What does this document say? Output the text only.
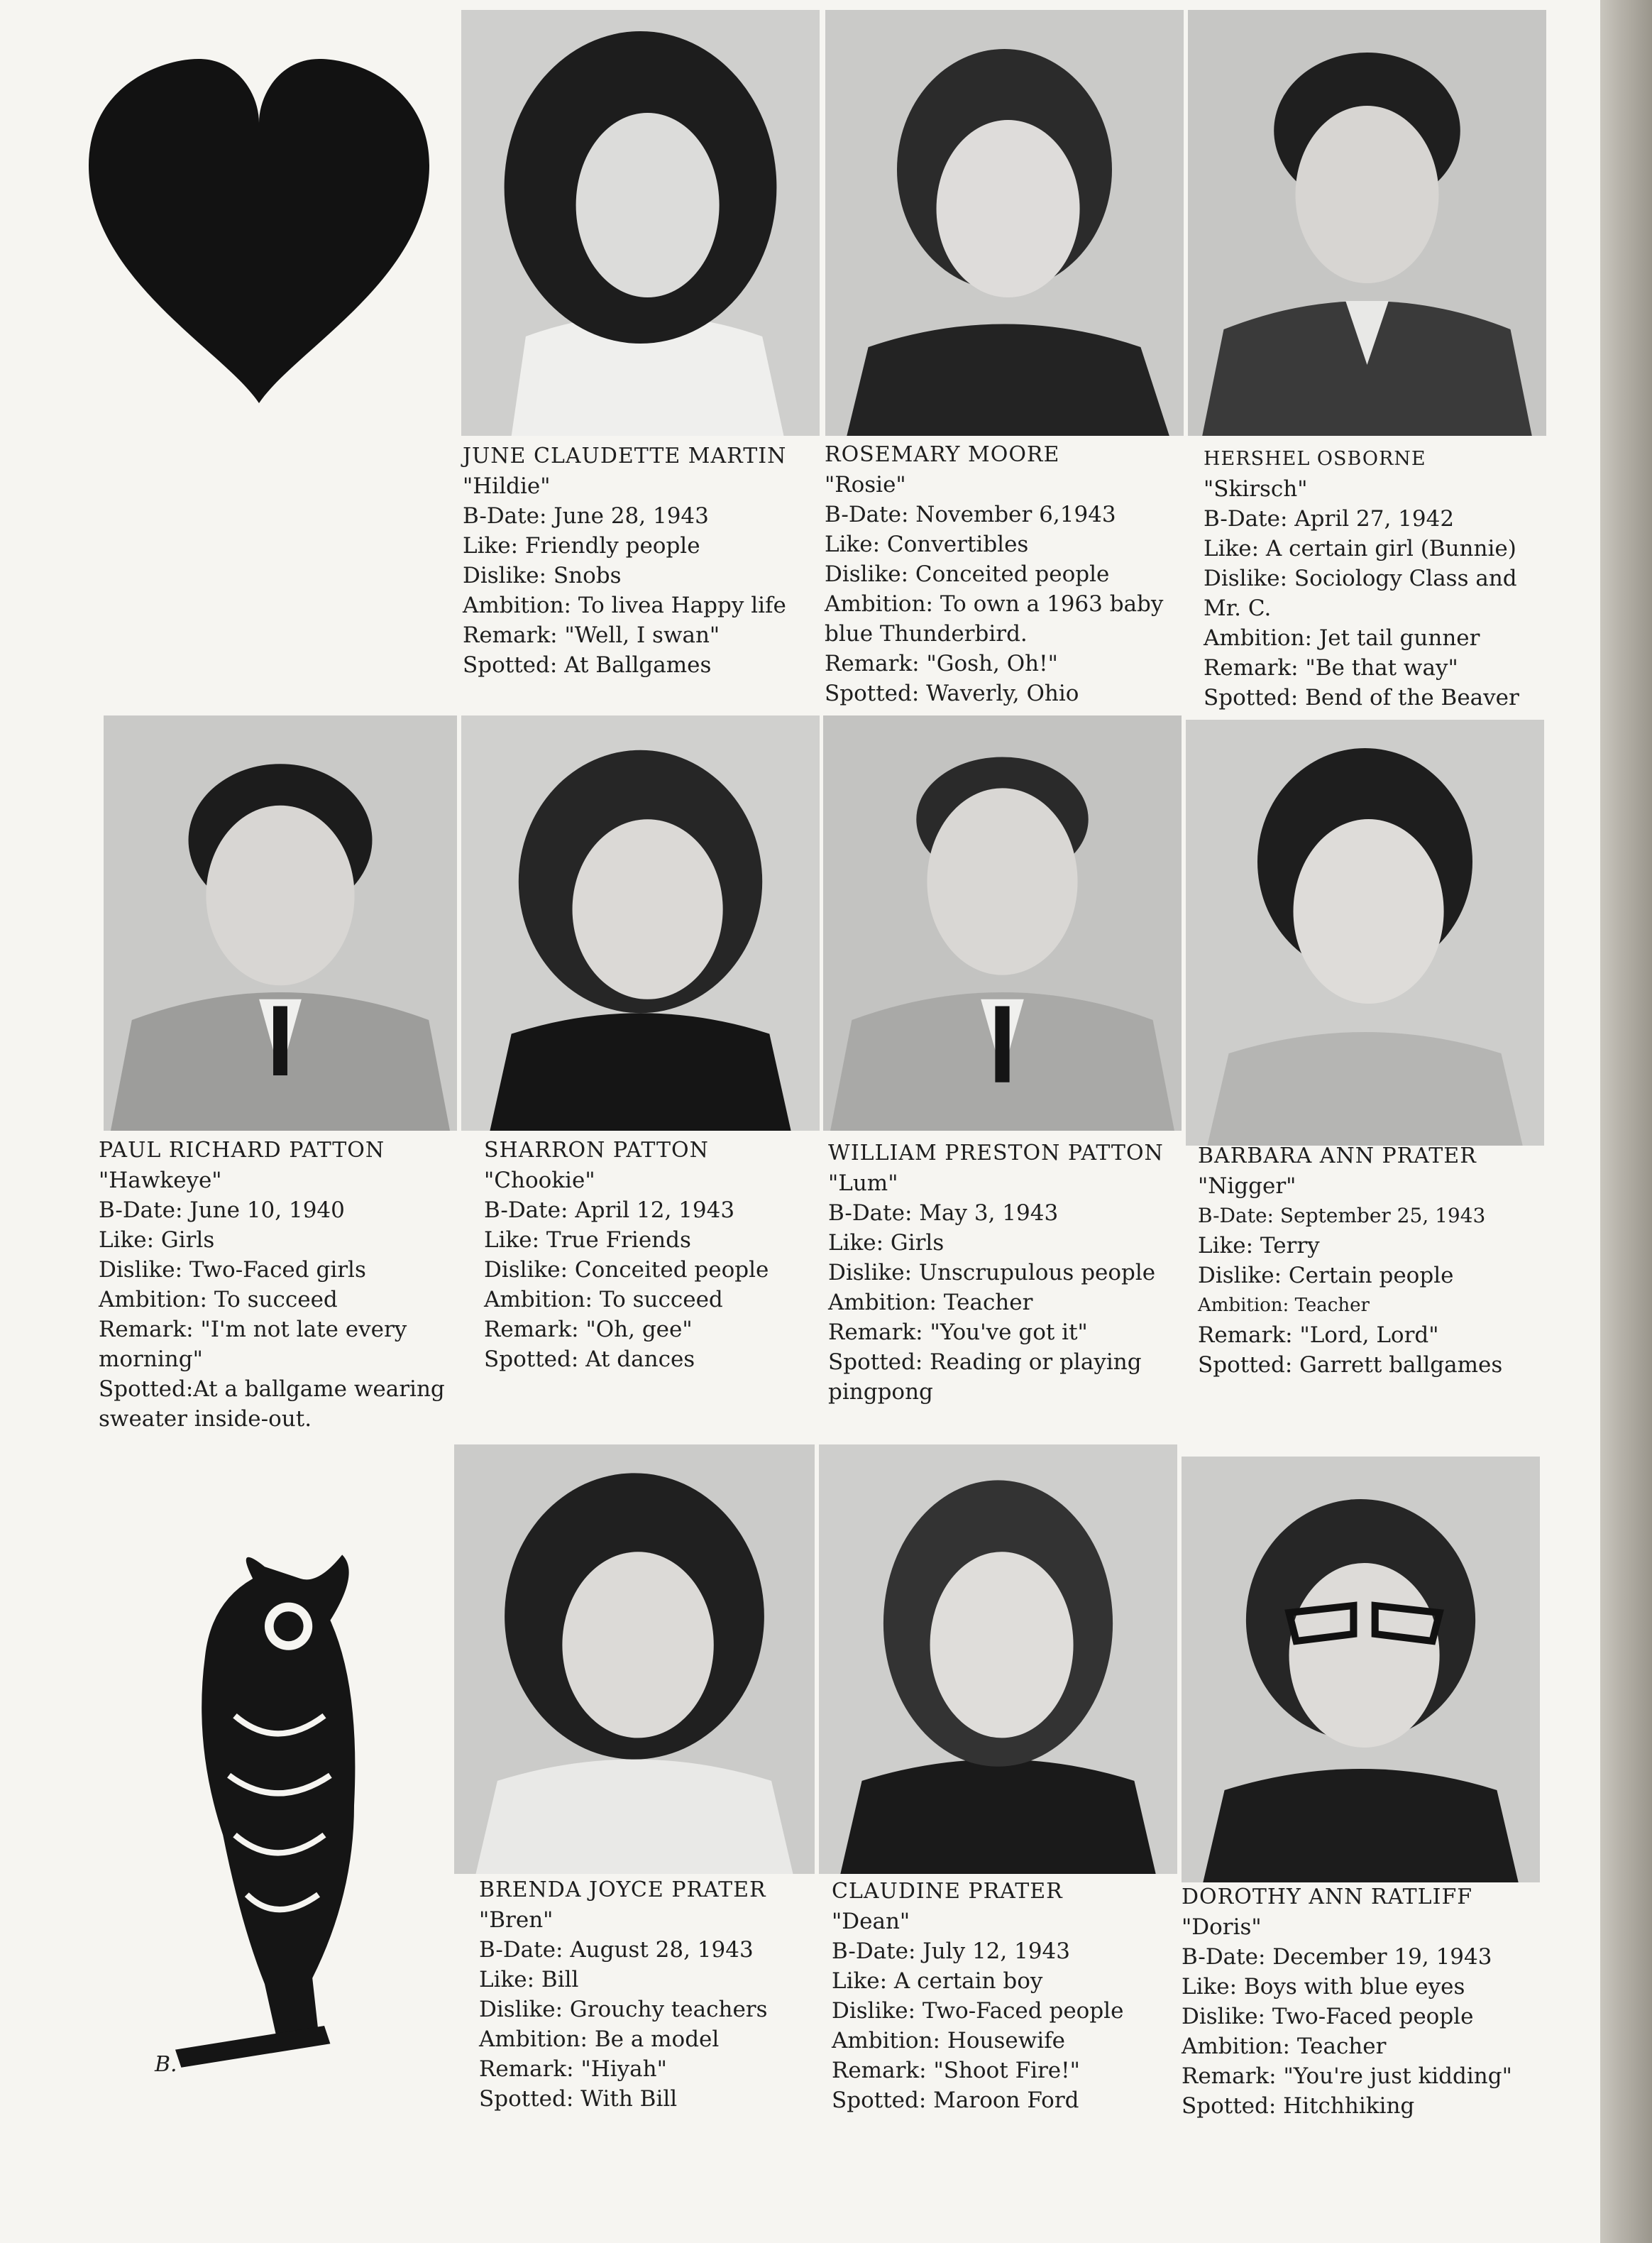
B.
JUNE CLAUDETTE MARTIN
"Hildie"
B-Date: June 28, 1943
Like: Friendly people
Dislike: Snobs
Ambition: To livea Happy life
Remark: "Well, I swan"
Spotted: At Ballgames
ROSEMARY MOORE
"Rosie"
B-Date: November 6,1943
Like: Convertibles
Dislike: Conceited people
Ambition: To own a 1963 baby
blue Thunderbird.
Remark: "Gosh, Oh!"
Spotted: Waverly, Ohio
HERSHEL OSBORNE
"Skirsch"
B-Date: April 27, 1942
Like: A certain girl (Bunnie)
Dislike: Sociology Class and
Mr. C.
Ambition: Jet tail gunner
Remark: "Be that way"
Spotted: Bend of the Beaver
PAUL RICHARD PATTON
"Hawkeye"
B-Date: June 10, 1940
Like: Girls
Dislike: Two-Faced girls
Ambition: To succeed
Remark: "I'm not late every
morning"
Spotted:At a ballgame wearing
sweater inside-out.
SHARRON PATTON
"Chookie"
B-Date: April 12, 1943
Like: True Friends
Dislike: Conceited people
Ambition: To succeed
Remark: "Oh, gee"
Spotted: At dances
WILLIAM PRESTON PATTON
"Lum"
B-Date: May 3, 1943
Like: Girls
Dislike: Unscrupulous people
Ambition: Teacher
Remark: "You've got it"
Spotted: Reading or playing
pingpong
BARBARA ANN PRATER
"Nigger"
B-Date: September 25, 1943
Like: Terry
Dislike: Certain people
Ambition: Teacher
Remark: "Lord, Lord"
Spotted: Garrett ballgames
BRENDA JOYCE PRATER
"Bren"
B-Date: August 28, 1943
Like: Bill
Dislike: Grouchy teachers
Ambition: Be a model
Remark: "Hiyah"
Spotted: With Bill
CLAUDINE PRATER
"Dean"
B-Date: July 12, 1943
Like: A certain boy
Dislike: Two-Faced people
Ambition: Housewife
Remark: "Shoot Fire!"
Spotted: Maroon Ford
DOROTHY ANN RATLIFF
"Doris"
B-Date: December 19, 1943
Like: Boys with blue eyes
Dislike: Two-Faced people
Ambition: Teacher
Remark: "You're just kidding"
Spotted: Hitchhiking
